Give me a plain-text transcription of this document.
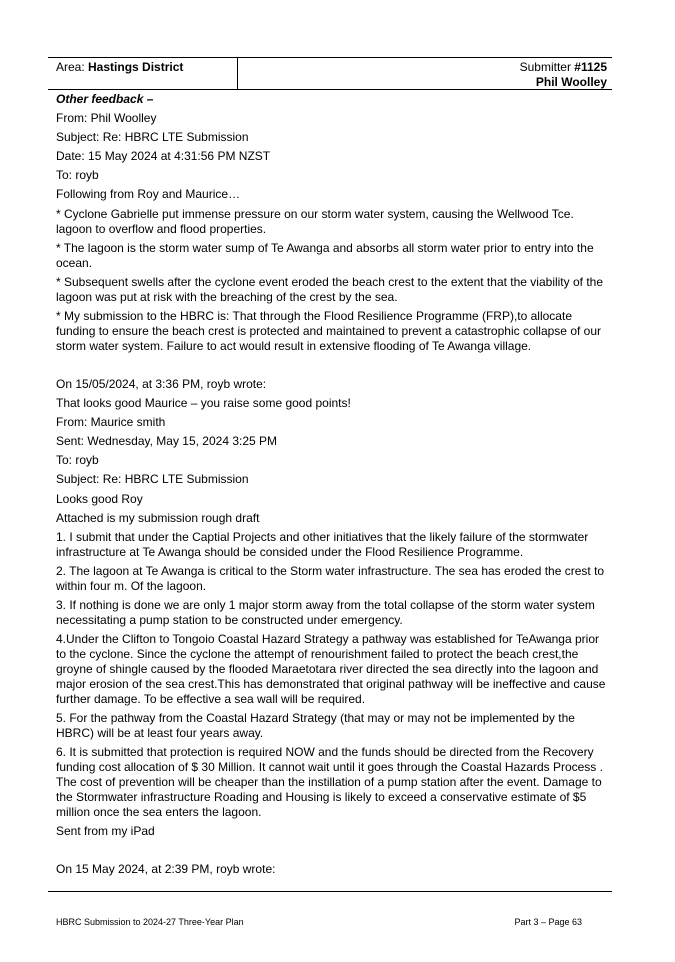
Area: Hastings District	Submitter #1125
Phil Woolley

Other feedback –

From: Phil Woolley

Subject: Re: HBRC LTE Submission

Date: 15 May 2024 at 4:31:56 PM NZST

To: royb

Following from Roy and Maurice…

* Cyclone Gabrielle put immense pressure on our storm water system, causing the Wellwood Tce. lagoon to overflow and flood properties.

* The lagoon is the storm water sump of Te Awanga and absorbs all storm water prior to entry into the ocean.

* Subsequent swells after the cyclone event eroded the beach crest to the extent that the viability of the lagoon was put at risk with the breaching of the crest by the sea.

* My submission to the HBRC is: That through the Flood Resilience Programme (FRP),to allocate funding to ensure the beach crest is protected and maintained to prevent a catastrophic collapse of our storm water system. Failure to act would result in extensive flooding of Te Awanga village.

On 15/05/2024, at 3:36 PM, royb wrote:

That looks good Maurice – you raise some good points!

From: Maurice smith

Sent: Wednesday, May 15, 2024 3:25 PM

To: royb

Subject: Re: HBRC LTE Submission

Looks good Roy

Attached is my submission rough draft

1. I submit that under the Captial Projects and other initiatives that the likely failure of the stormwater infrastructure at Te Awanga should be consided under the Flood Resilience Programme.

2. The lagoon at Te Awanga is critical to the Storm water infrastructure. The sea has eroded the crest to within four m. Of the lagoon.

3. If nothing is done we are only 1 major storm away from the total collapse of the storm water system necessitating a pump station to be constructed under emergency.

4.Under the Clifton to Tongoio Coastal Hazard Strategy a pathway was established for TeAwanga prior to the cyclone. Since the cyclone the attempt of renourishment failed to protect the beach crest,the groyne of shingle caused by the flooded Maraetotara river directed the sea directly into the lagoon and major erosion of the sea crest.This has demonstrated that original pathway will be ineffective and cause further damage. To be effective a sea wall will be required.

5. For the pathway from the Coastal Hazard Strategy (that may or may not be implemented by the HBRC) will be at least four years away.

6. It is submitted that protection is required NOW and the funds should be directed from the Recovery funding cost allocation of $ 30 Million. It cannot wait until it goes through the Coastal Hazards Process . The cost of prevention will be cheaper than the instillation of a pump station after the event. Damage to the Stormwater infrastructure Roading and Housing is likely to exceed a conservative estimate of $5 million once the sea enters the lagoon.

Sent from my iPad

On 15 May 2024, at 2:39 PM, royb wrote:

HBRC Submission to 2024-27 Three-Year Plan	Part 3 – Page 63
